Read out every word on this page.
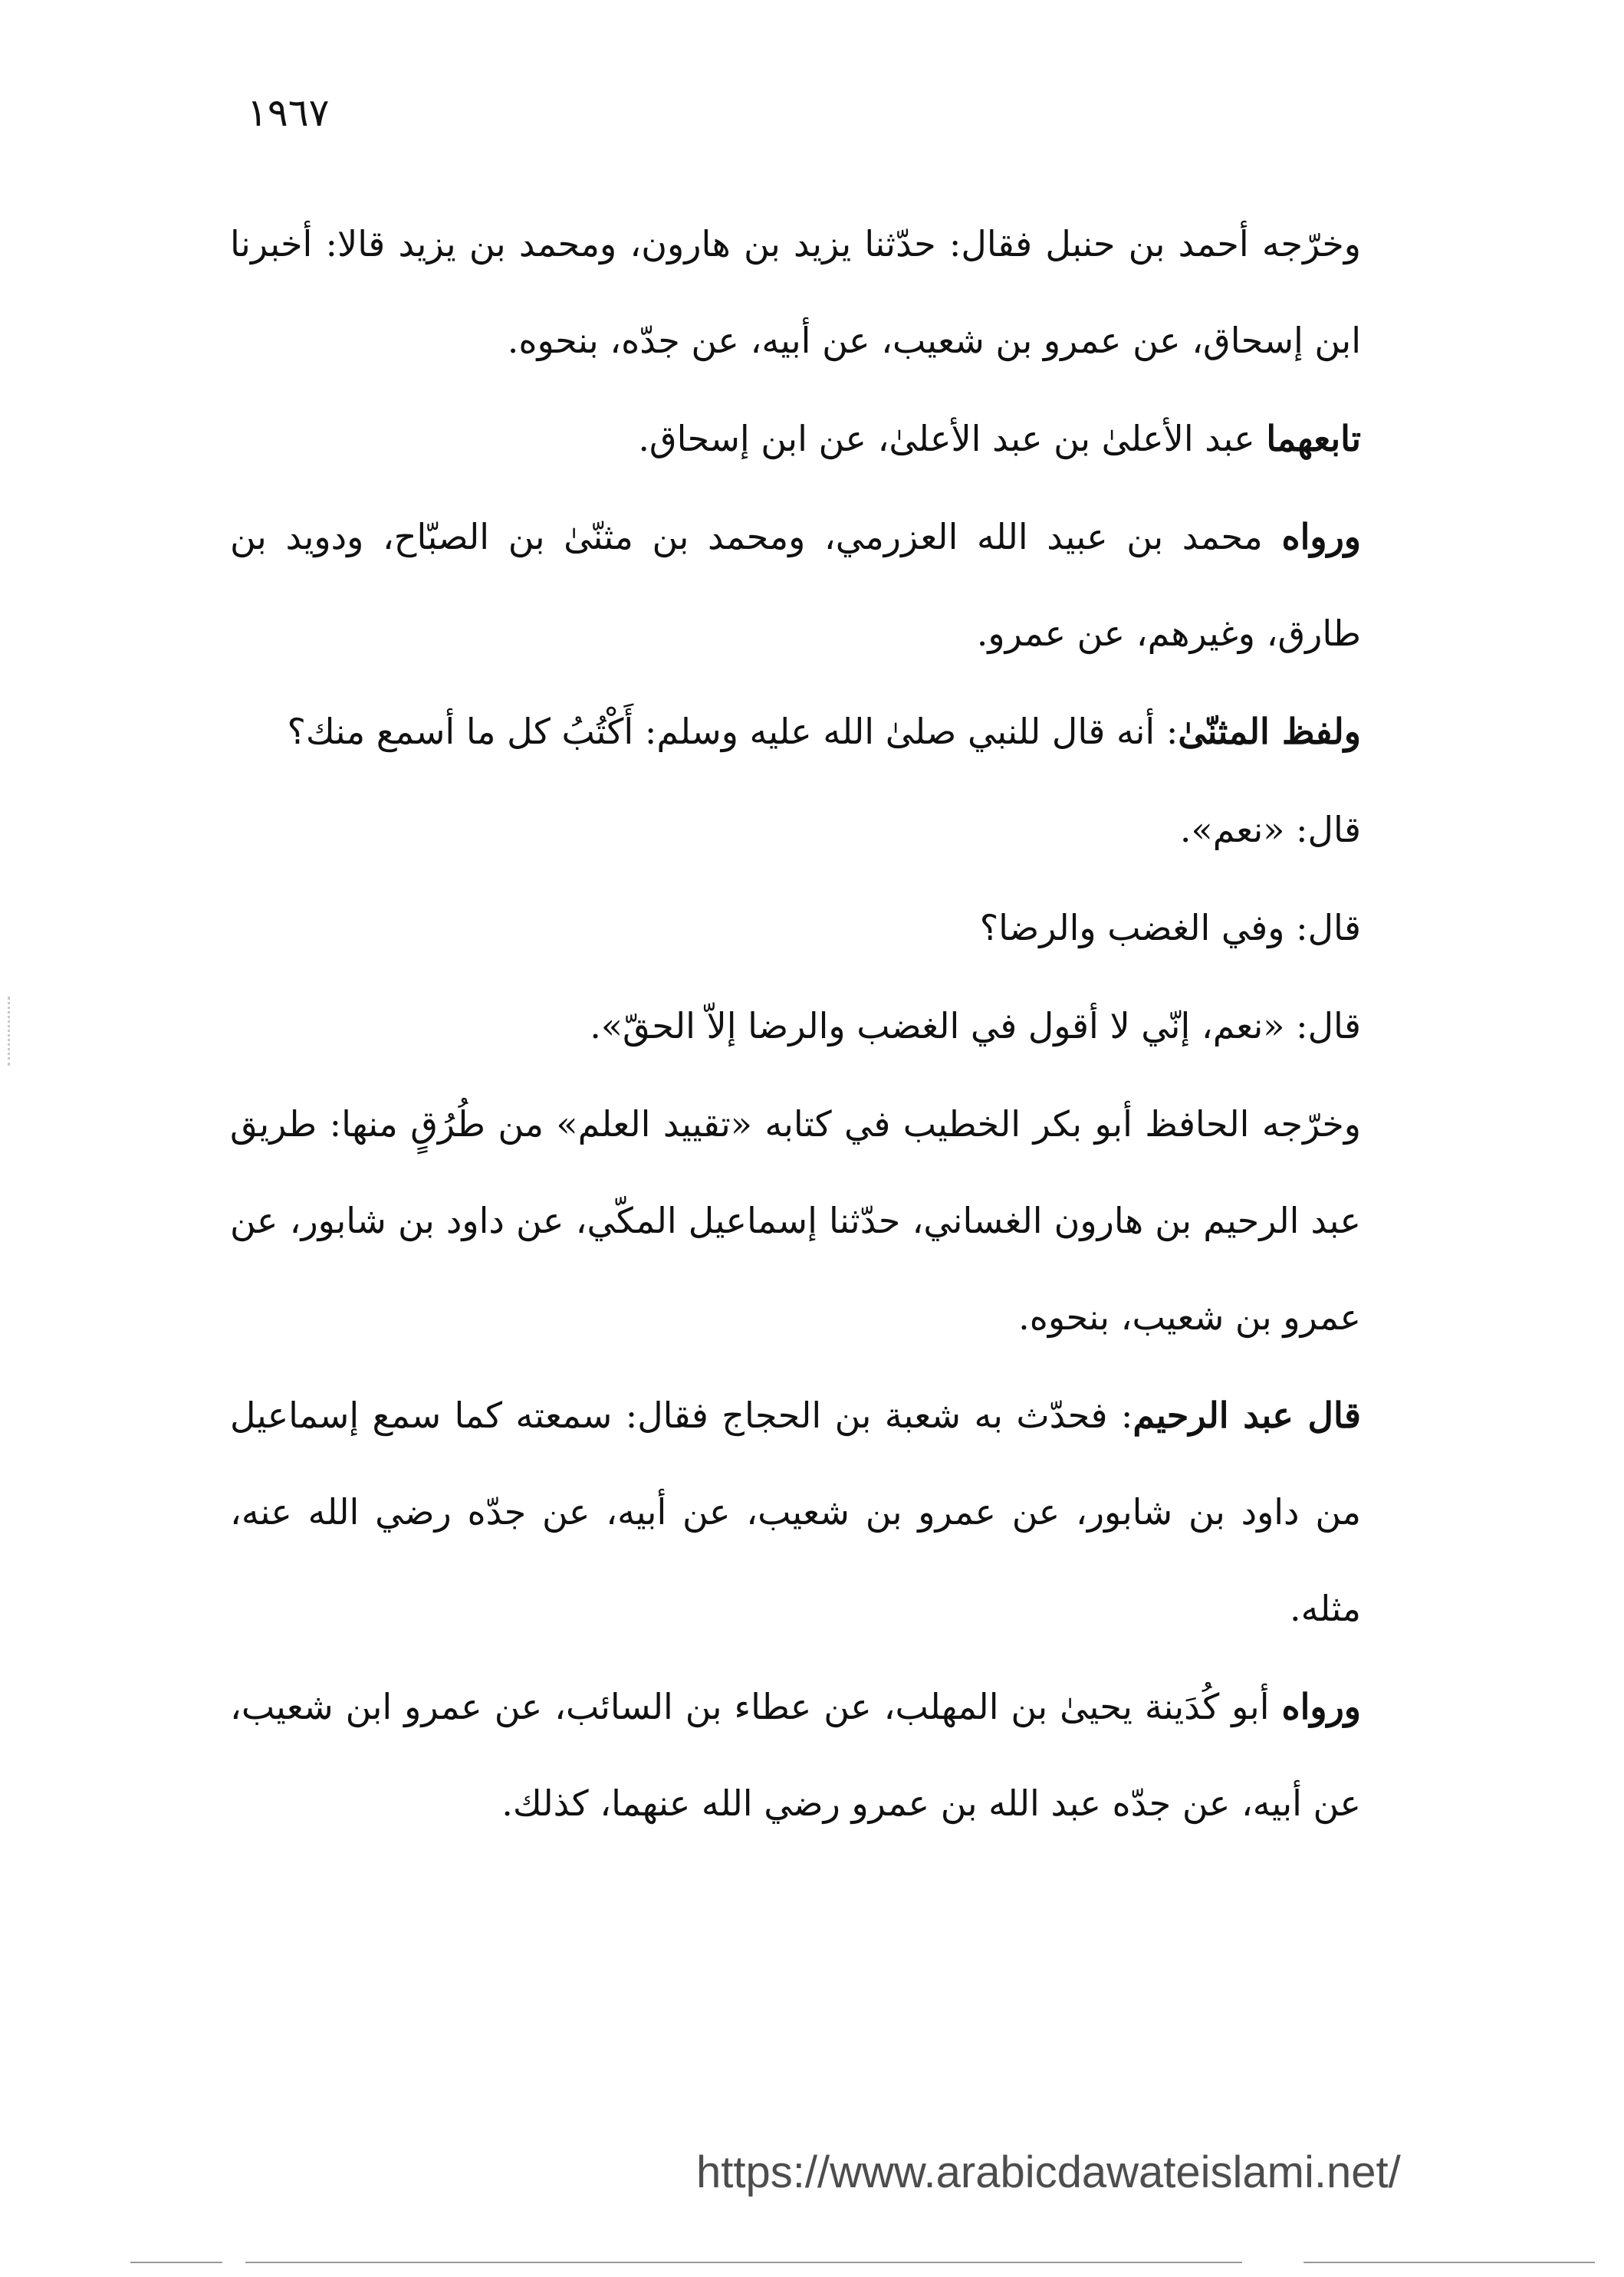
١٩٦٧

وخرّجه أحمد بن حنبل فقال: حدّثنا يزيد بن هارون، ومحمد بن يزيد قالا: أخبرنا ابن إسحاق، عن عمرو بن شعيب، عن أبيه، عن جدّه، بنحوه.

تابعهما عبد الأعلىٰ بن عبد الأعلىٰ، عن ابن إسحاق.

ورواه محمد بن عبيد الله العزرمي، ومحمد بن مثنّىٰ بن الصبّاح، ودويد بن طارق، وغيرهم، عن عمرو.

ولفظ المثنّىٰ: أنه قال للنبي صلىٰ الله عليه وسلم: أَكْتُبُ كل ما أسمع منك؟

قال: «نعم».

قال: وفي الغضب والرضا؟

قال: «نعم، إنّي لا أقول في الغضب والرضا إلاّ الحقّ».

وخرّجه الحافظ أبو بكر الخطيب في كتابه «تقييد العلم» من طُرُقٍ منها: طريق عبد الرحيم بن هارون الغساني، حدّثنا إسماعيل المكّي، عن داود بن شابور، عن عمرو بن شعيب، بنحوه.

قال عبد الرحيم: فحدّث به شعبة بن الحجاج فقال: سمعته كما سمع إسماعيل من داود بن شابور، عن عمرو بن شعيب، عن أبيه، عن جدّه رضي الله عنه، مثله.

ورواه أبو كُدَينة يحيىٰ بن المهلب، عن عطاء بن السائب، عن عمرو ابن شعيب، عن أبيه، عن جدّه عبد الله بن عمرو رضي الله عنهما، كذلك.

https://www.arabicdawateislami.net/
